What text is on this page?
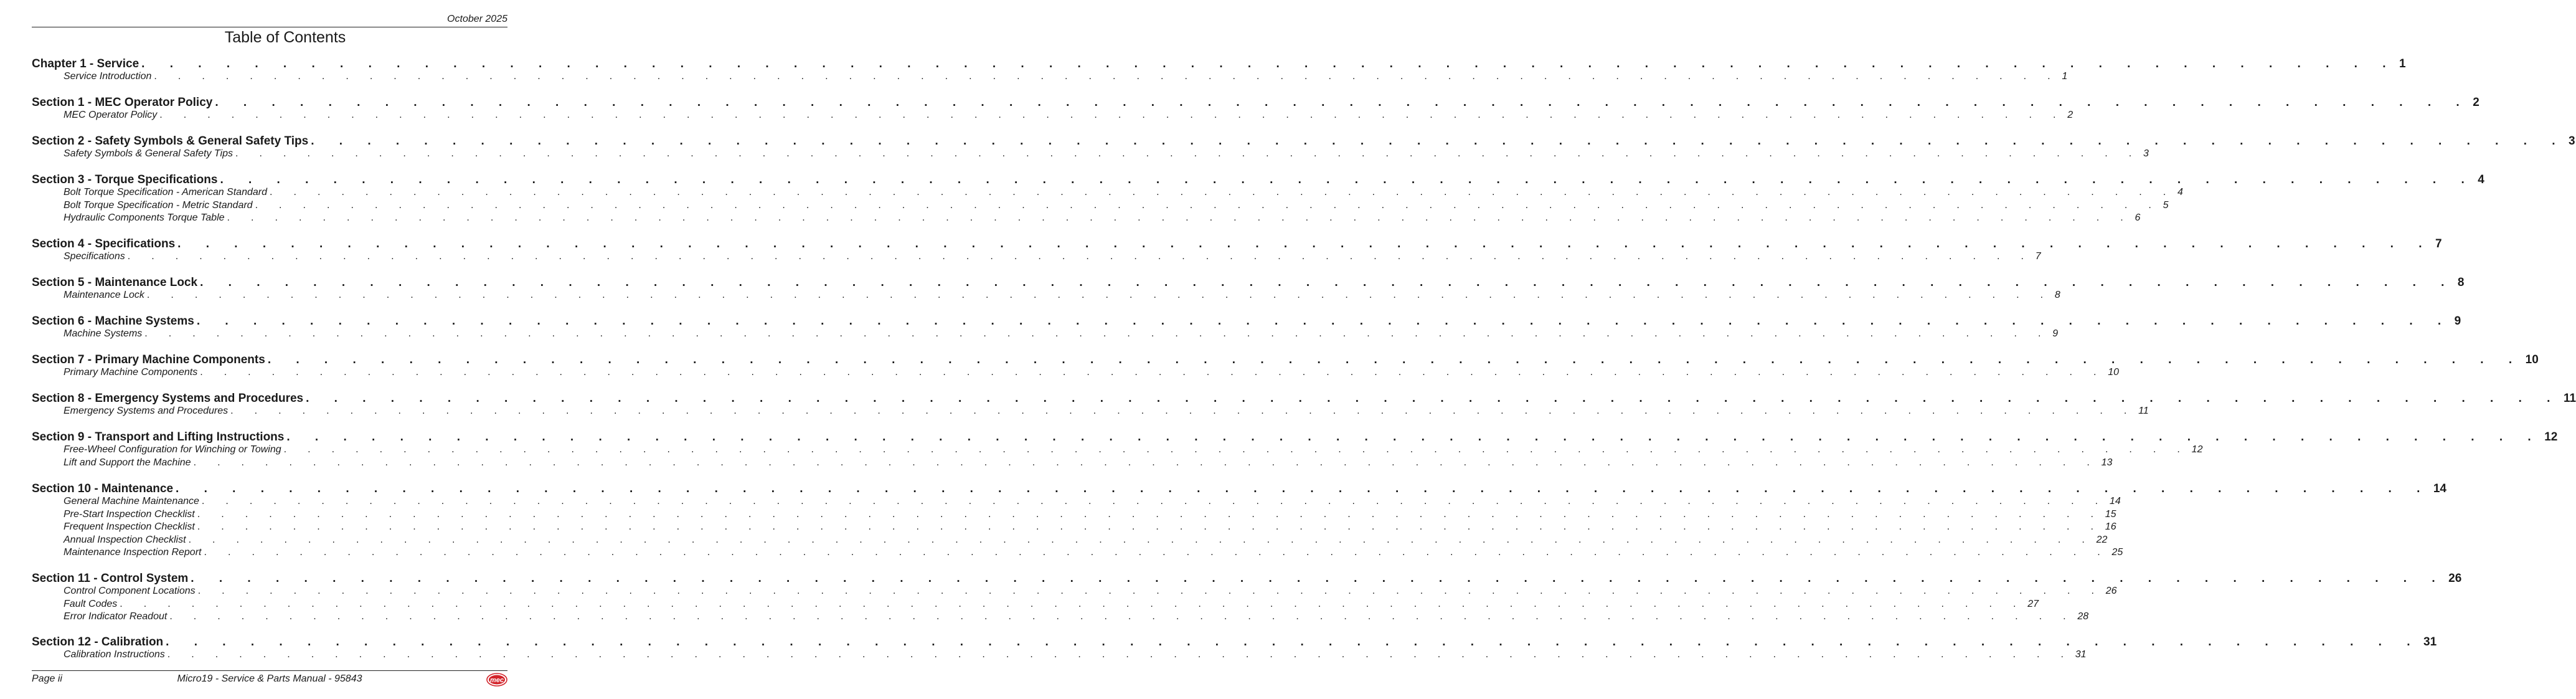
October 2025
Table of Contents
Chapter 1 - Service . . . . . . . . . . . . . . . . . . . . . . . . . . . . . . . . . . . . . . . . . . . . . . . . . . . . . . . . . . . . . . . . . . . . . . . . . . . . . . . . 1
Service Introduction . . . . . . . . . . . . . . . . . . . . . . . . . . . . . . . . . . . . . . . . . . . . . . . . . . . . . . . . . . . . . . . . . . . . . . . . . . . . . . . . 1
Section 1 - MEC Operator Policy . . . . . . . . . . . . . . . . . . . . . . . . . . . . . . . . . . . . . . . . . . . . . . . . . . . . . . . . . . . . . . . . . . . . . . . . . . . . . . . . 2
MEC Operator Policy . . . . . . . . . . . . . . . . . . . . . . . . . . . . . . . . . . . . . . . . . . . . . . . . . . . . . . . . . . . . . . . . . . . . . . . . . . . . . . . . 2
Section 2 - Safety Symbols & General Safety Tips . . . . . . . . . . . . . . . . . . . . . . . . . . . . . . . . . . . . . . . . . . . . . . . . . . . . . . . . . . . . . . . . . . . . . . . . . . . . . . . . 3
Safety Symbols & General Safety Tips . . . . . . . . . . . . . . . . . . . . . . . . . . . . . . . . . . . . . . . . . . . . . . . . . . . . . . . . . . . . . . . . . . . . . . . . . . . . . . . . 3
Section 3 - Torque Specifications . . . . . . . . . . . . . . . . . . . . . . . . . . . . . . . . . . . . . . . . . . . . . . . . . . . . . . . . . . . . . . . . . . . . . . . . . . . . . . . . 4
Bolt Torque Specification - American Standard . . . . . . . . . . . . . . . . . . . . . . . . . . . . . . . . . . . . . . . . . . . . . . . . . . . . . . . . . . . . . . . . . . . . . . . . . . . . . . . . 4
Bolt Torque Specification - Metric Standard . . . . . . . . . . . . . . . . . . . . . . . . . . . . . . . . . . . . . . . . . . . . . . . . . . . . . . . . . . . . . . . . . . . . . . . . . . . . . . . . 5
Hydraulic Components Torque Table . . . . . . . . . . . . . . . . . . . . . . . . . . . . . . . . . . . . . . . . . . . . . . . . . . . . . . . . . . . . . . . . . . . . . . . . . . . . . . . . 6
Section 4 - Specifications . . . . . . . . . . . . . . . . . . . . . . . . . . . . . . . . . . . . . . . . . . . . . . . . . . . . . . . . . . . . . . . . . . . . . . . . . . . . . . . . 7
Specifications . . . . . . . . . . . . . . . . . . . . . . . . . . . . . . . . . . . . . . . . . . . . . . . . . . . . . . . . . . . . . . . . . . . . . . . . . . . . . . . . 7
Section 5 - Maintenance Lock . . . . . . . . . . . . . . . . . . . . . . . . . . . . . . . . . . . . . . . . . . . . . . . . . . . . . . . . . . . . . . . . . . . . . . . . . . . . . . . . 8
Maintenance Lock . . . . . . . . . . . . . . . . . . . . . . . . . . . . . . . . . . . . . . . . . . . . . . . . . . . . . . . . . . . . . . . . . . . . . . . . . . . . . . . . 8
Section 6 - Machine Systems . . . . . . . . . . . . . . . . . . . . . . . . . . . . . . . . . . . . . . . . . . . . . . . . . . . . . . . . . . . . . . . . . . . . . . . . . . . . . . . . 9
Machine Systems . . . . . . . . . . . . . . . . . . . . . . . . . . . . . . . . . . . . . . . . . . . . . . . . . . . . . . . . . . . . . . . . . . . . . . . . . . . . . . . . 9
Section 7 - Primary Machine Components . . . . . . . . . . . . . . . . . . . . . . . . . . . . . . . . . . . . . . . . . . . . . . . . . . . . . . . . . . . . . . . . . . . . . . . . . . . . . . . . 10
Primary Machine Components . . . . . . . . . . . . . . . . . . . . . . . . . . . . . . . . . . . . . . . . . . . . . . . . . . . . . . . . . . . . . . . . . . . . . . . . . . . . . . . . 10
Section 8 - Emergency Systems and Procedures . . . . . . . . . . . . . . . . . . . . . . . . . . . . . . . . . . . . . . . . . . . . . . . . . . . . . . . . . . . . . . . . . . . . . . . . . . . . . . . . 11
Emergency Systems and Procedures . . . . . . . . . . . . . . . . . . . . . . . . . . . . . . . . . . . . . . . . . . . . . . . . . . . . . . . . . . . . . . . . . . . . . . . . . . . . . . . . 11
Section 9 - Transport and Lifting Instructions . . . . . . . . . . . . . . . . . . . . . . . . . . . . . . . . . . . . . . . . . . . . . . . . . . . . . . . . . . . . . . . . . . . . . . . . . . . . . . . . 12
Free-Wheel Configuration for Winching or Towing . . . . . . . . . . . . . . . . . . . . . . . . . . . . . . . . . . . . . . . . . . . . . . . . . . . . . . . . . . . . . . . . . . . . . . . . . . . . . . . . 12
Lift and Support the Machine . . . . . . . . . . . . . . . . . . . . . . . . . . . . . . . . . . . . . . . . . . . . . . . . . . . . . . . . . . . . . . . . . . . . . . . . . . . . . . . . 13
Section 10 - Maintenance . . . . . . . . . . . . . . . . . . . . . . . . . . . . . . . . . . . . . . . . . . . . . . . . . . . . . . . . . . . . . . . . . . . . . . . . . . . . . . . . 14
General Machine Maintenance . . . . . . . . . . . . . . . . . . . . . . . . . . . . . . . . . . . . . . . . . . . . . . . . . . . . . . . . . . . . . . . . . . . . . . . . . . . . . . . . 14
Pre-Start Inspection Checklist . . . . . . . . . . . . . . . . . . . . . . . . . . . . . . . . . . . . . . . . . . . . . . . . . . . . . . . . . . . . . . . . . . . . . . . . . . . . . . . . 15
Frequent Inspection Checklist . . . . . . . . . . . . . . . . . . . . . . . . . . . . . . . . . . . . . . . . . . . . . . . . . . . . . . . . . . . . . . . . . . . . . . . . . . . . . . . . 16
Annual Inspection Checklist . . . . . . . . . . . . . . . . . . . . . . . . . . . . . . . . . . . . . . . . . . . . . . . . . . . . . . . . . . . . . . . . . . . . . . . . . . . . . . . . 22
Maintenance Inspection Report . . . . . . . . . . . . . . . . . . . . . . . . . . . . . . . . . . . . . . . . . . . . . . . . . . . . . . . . . . . . . . . . . . . . . . . . . . . . . . . . 25
Section 11 - Control System . . . . . . . . . . . . . . . . . . . . . . . . . . . . . . . . . . . . . . . . . . . . . . . . . . . . . . . . . . . . . . . . . . . . . . . . . . . . . . . . 26
Control Component Locations . . . . . . . . . . . . . . . . . . . . . . . . . . . . . . . . . . . . . . . . . . . . . . . . . . . . . . . . . . . . . . . . . . . . . . . . . . . . . . . . 26
Fault Codes . . . . . . . . . . . . . . . . . . . . . . . . . . . . . . . . . . . . . . . . . . . . . . . . . . . . . . . . . . . . . . . . . . . . . . . . . . . . . . . . 27
Error Indicator Readout . . . . . . . . . . . . . . . . . . . . . . . . . . . . . . . . . . . . . . . . . . . . . . . . . . . . . . . . . . . . . . . . . . . . . . . . . . . . . . . . 28
Section 12 - Calibration . . . . . . . . . . . . . . . . . . . . . . . . . . . . . . . . . . . . . . . . . . . . . . . . . . . . . . . . . . . . . . . . . . . . . . . . . . . . . . . . 31
Calibration Instructions . . . . . . . . . . . . . . . . . . . . . . . . . . . . . . . . . . . . . . . . . . . . . . . . . . . . . . . . . . . . . . . . . . . . . . . . . . . . . . . . 31
Page ii	Micro19 - Service & Parts Manual - 95843	mec
